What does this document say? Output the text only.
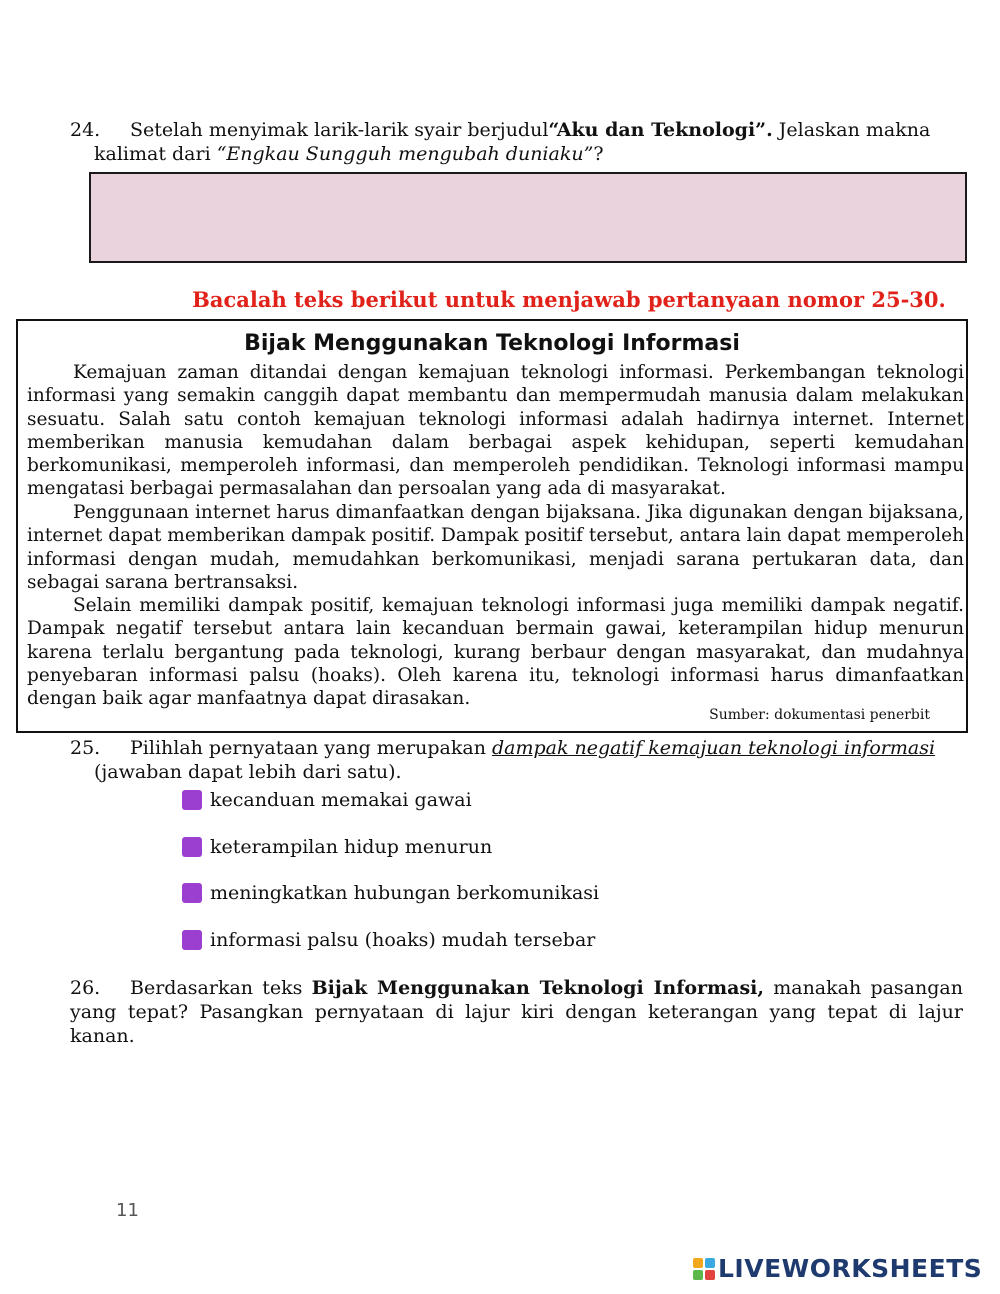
24. Setelah menyimak larik-larik syair berjudul“Aku dan Teknologi”. Jelaskan makna
kalimat dari “Engkau Sungguh mengubah duniaku”?
Bacalah teks berikut untuk menjawab pertanyaan nomor 25-30.
Bijak Menggunakan Teknologi Informasi
Kemajuan zaman ditandai dengan kemajuan teknologi informasi. Perkembangan teknologi informasi yang semakin canggih dapat membantu dan mempermudah manusia dalam melakukan sesuatu. Salah satu contoh kemajuan teknologi informasi adalah hadirnya internet. Internet memberikan manusia kemudahan dalam berbagai aspek kehidupan, seperti kemudahan berkomunikasi, memperoleh informasi, dan memperoleh pendidikan. Teknologi informasi mampu mengatasi berbagai permasalahan dan persoalan yang ada di masyarakat.
Penggunaan internet harus dimanfaatkan dengan bijaksana. Jika digunakan dengan bijaksana, internet dapat memberikan dampak positif. Dampak positif tersebut, antara lain dapat memperoleh informasi dengan mudah, memudahkan berkomunikasi, menjadi sarana pertukaran data, dan sebagai sarana bertransaksi.
Selain memiliki dampak positif, kemajuan teknologi informasi juga memiliki dampak negatif. Dampak negatif tersebut antara lain kecanduan bermain gawai, keterampilan hidup menurun karena terlalu bergantung pada teknologi, kurang berbaur dengan masyarakat, dan mudahnya penyebaran informasi palsu (hoaks). Oleh karena itu, teknologi informasi harus dimanfaatkan dengan baik agar manfaatnya dapat dirasakan.
Sumber: dokumentasi penerbit
25. Pilihlah pernyataan yang merupakan dampak negatif kemajuan teknologi informasi
(jawaban dapat lebih dari satu).
kecanduan memakai gawai
keterampilan hidup menurun
meningkatkan hubungan berkomunikasi
informasi palsu (hoaks) mudah tersebar
26. Berdasarkan teks Bijak Menggunakan Teknologi Informasi, manakah pasangan yang tepat? Pasangkan pernyataan di lajur kiri dengan keterangan yang tepat di lajur kanan.
11
LIVEWORKSHEETS
